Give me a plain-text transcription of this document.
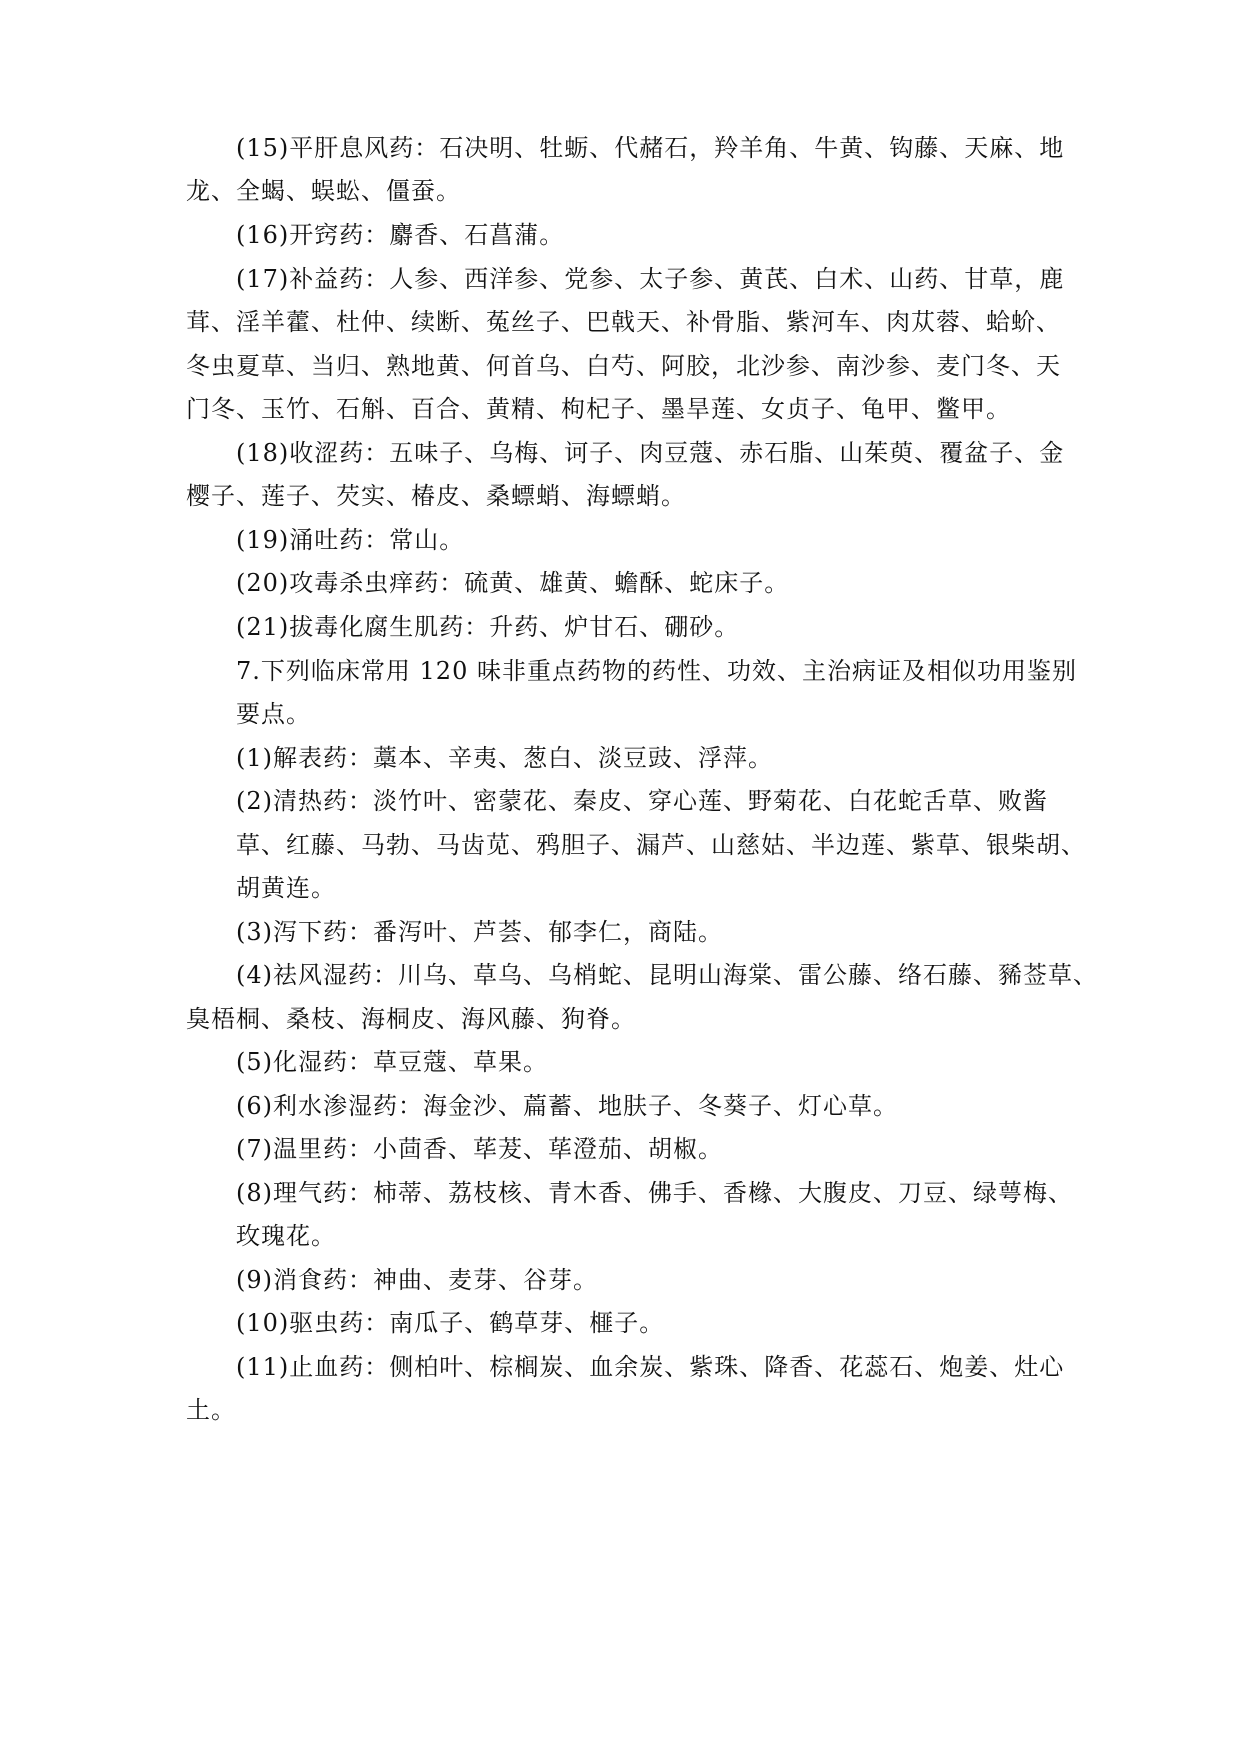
(15)平肝息风药：石决明、牡蛎、代赭石，羚羊角、牛黄、钩藤、天麻、地
龙、全蝎、蜈蚣、僵蚕。
(16)开窍药：麝香、石菖蒲。
(17)补益药：人参、西洋参、党参、太子参、黄芪、白术、山药、甘草，鹿
茸、淫羊藿、杜仲、续断、菟丝子、巴戟天、补骨脂、紫河车、肉苁蓉、蛤蚧、
冬虫夏草、当归、熟地黄、何首乌、白芍、阿胶，北沙参、南沙参、麦门冬、天
门冬、玉竹、石斛、百合、黄精、枸杞子、墨旱莲、女贞子、龟甲、鳖甲。
(18)收涩药：五味子、乌梅、诃子、肉豆蔻、赤石脂、山茱萸、覆盆子、金
樱子、莲子、芡实、椿皮、桑螵蛸、海螵蛸。
(19)涌吐药：常山。
(20)攻毒杀虫痒药：硫黄、雄黄、蟾酥、蛇床子。
(21)拔毒化腐生肌药：升药、炉甘石、硼砂。
7.下列临床常用 120 味非重点药物的药性、功效、主治病证及相似功用鉴别
要点。
(1)解表药：藁本、辛夷、葱白、淡豆豉、浮萍。
(2)清热药：淡竹叶、密蒙花、秦皮、穿心莲、野菊花、白花蛇舌草、败酱
草、红藤、马勃、马齿苋、鸦胆子、漏芦、山慈姑、半边莲、紫草、银柴胡、
胡黄连。
(3)泻下药：番泻叶、芦荟、郁李仁，商陆。
(4)祛风湿药：川乌、草乌、乌梢蛇、昆明山海棠、雷公藤、络石藤、豨莶草、
臭梧桐、桑枝、海桐皮、海风藤、狗脊。
(5)化湿药：草豆蔻、草果。
(6)利水渗湿药：海金沙、萹蓄、地肤子、冬葵子、灯心草。
(7)温里药：小茴香、荜茇、荜澄茄、胡椒。
(8)理气药：柿蒂、荔枝核、青木香、佛手、香橼、大腹皮、刀豆、绿萼梅、
玫瑰花。
(9)消食药：神曲、麦芽、谷芽。
(10)驱虫药：南瓜子、鹤草芽、榧子。
(11)止血药：侧柏叶、棕榈炭、血余炭、紫珠、降香、花蕊石、炮姜、灶心
土。
